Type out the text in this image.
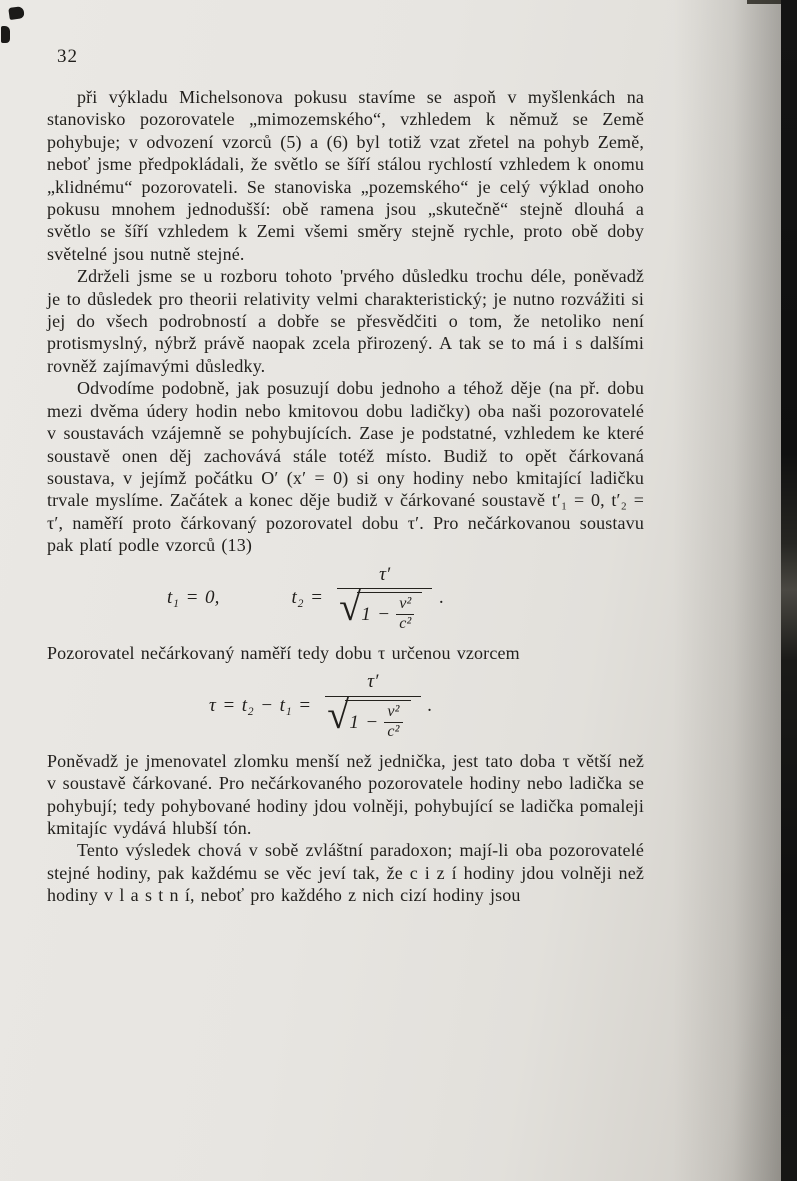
32

při výkladu Michelsonova pokusu stavíme se aspoň v myšlenkách na stanovisko pozorovatele „mimozemského“, vzhledem k němuž se Země pohybuje; v odvození vzorců (5) a (6) byl totiž vzat zřetel na pohyb Země, neboť jsme předpokládali, že světlo se šíří stálou rychlostí vzhledem k onomu „klidnému“ pozorovateli. Se stanoviska „pozemského“ je celý výklad onoho pokusu mnohem jednodušší: obě ramena jsou „skutečně“ stejně dlouhá a světlo se šíří vzhledem k Zemi všemi směry stejně rychle, proto obě doby světelné jsou nutně stejné.

Zdrželi jsme se u rozboru tohoto 'prvého důsledku trochu déle, poněvadž je to důsledek pro theorii relativity velmi charakteristický; je nutno rozvážiti si jej do všech podrobností a dobře se přesvědčiti o tom, že netoliko není protismyslný, nýbrž právě naopak zcela přirozený. A tak se to má i s dalšími rovněž zajímavými důsledky.

Odvodíme podobně, jak posuzují dobu jednoho a téhož děje (na př. dobu mezi dvěma údery hodin nebo kmitovou dobu ladičky) oba naši pozorovatelé v soustavách vzájemně se pohybujících. Zase je podstatné, vzhledem ke které soustavě onen děj zachovává stále totéž místo. Budiž to opět čárkovaná soustava, v jejímž počátku O′ (x′ = 0) si ony hodiny nebo kmitající ladičku trvale myslíme. Začátek a konec děje budiž v čárkované soustavě t′₁ = 0, t′₂ = τ′, naměří proto čárkovaný pozorovatel dobu τ′. Pro nečárkovanou soustavu pak platí podle vzorců (13)

t₁ = 0,	t₂ =
τ′
√ $1 - \frac{\text{v²}}{\text{c²}}$ .

Pozorovatel nečárkovaný naměří tedy dobu τ určenou vzorcem

τ = t₂ − t₁ =
τ′
√ $1 - \frac{\text{v²}}{\text{c²}}$ .

Poněvadž je jmenovatel zlomku menší než jednička, jest tato doba τ větší než v soustavě čárkované. Pro nečárkovaného pozorovatele hodiny nebo ladička se pohybují; tedy pohybované hodiny jdou volněji, pohybující se ladička pomaleji kmitajíc vydává hlubší tón.

Tento výsledek chová v sobě zvláštní paradoxon; mají-li oba pozorovatelé stejné hodiny, pak každému se věc jeví tak, že c i z í hodiny jdou volněji než hodiny v l a s t n í, neboť pro každého z nich cizí hodiny jsou
